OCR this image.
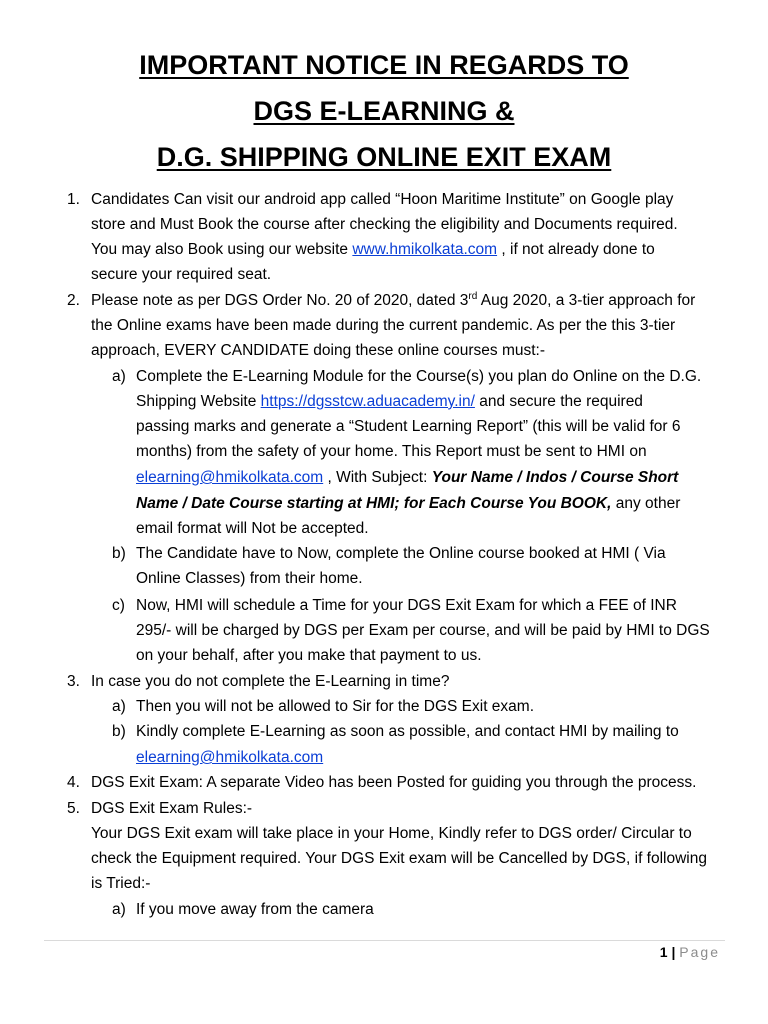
IMPORTANT NOTICE IN REGARDS TO
DGS E-LEARNING &
D.G. SHIPPING ONLINE EXIT EXAM
1. Candidates Can visit our android app called “Hoon Maritime Institute” on Google play
store and Must Book the course after checking the eligibility and Documents required.
You may also Book using our website www.hmikolkata.com , if not already done to
secure your required seat.
2. Please note as per DGS Order No. 20 of 2020, dated 3rd Aug 2020, a 3-tier approach for
the Online exams have been made during the current pandemic. As per the this 3-tier
approach, EVERY CANDIDATE doing these online courses must:-
a) Complete the E-Learning Module for the Course(s) you plan do Online on the D.G.
Shipping Website https://dgsstcw.aduacademy.in/ and secure the required
passing marks and generate a “Student Learning Report” (this will be valid for 6
months) from the safety of your home. This Report must be sent to HMI on
elearning@hmikolkata.com , With Subject: Your Name / Indos / Course Short
Name / Date Course starting at HMI; for Each Course You BOOK, any other
email format will Not be accepted.
b) The Candidate have to Now, complete the Online course booked at HMI ( Via
Online Classes) from their home.
c) Now, HMI will schedule a Time for your DGS Exit Exam for which a FEE of INR
295/- will be charged by DGS per Exam per course, and will be paid by HMI to DGS
on your behalf, after you make that payment to us.
3. In case you do not complete the E-Learning in time?
a) Then you will not be allowed to Sir for the DGS Exit exam.
b) Kindly complete E-Learning as soon as possible, and contact HMI by mailing to
elearning@hmikolkata.com
4. DGS Exit Exam: A separate Video has been Posted for guiding you through the process.
5. DGS Exit Exam Rules:-
Your DGS Exit exam will take place in your Home, Kindly refer to DGS order/ Circular to
check the Equipment required. Your DGS Exit exam will be Cancelled by DGS, if following
is Tried:-
a) If you move away from the camera
1 | Page
